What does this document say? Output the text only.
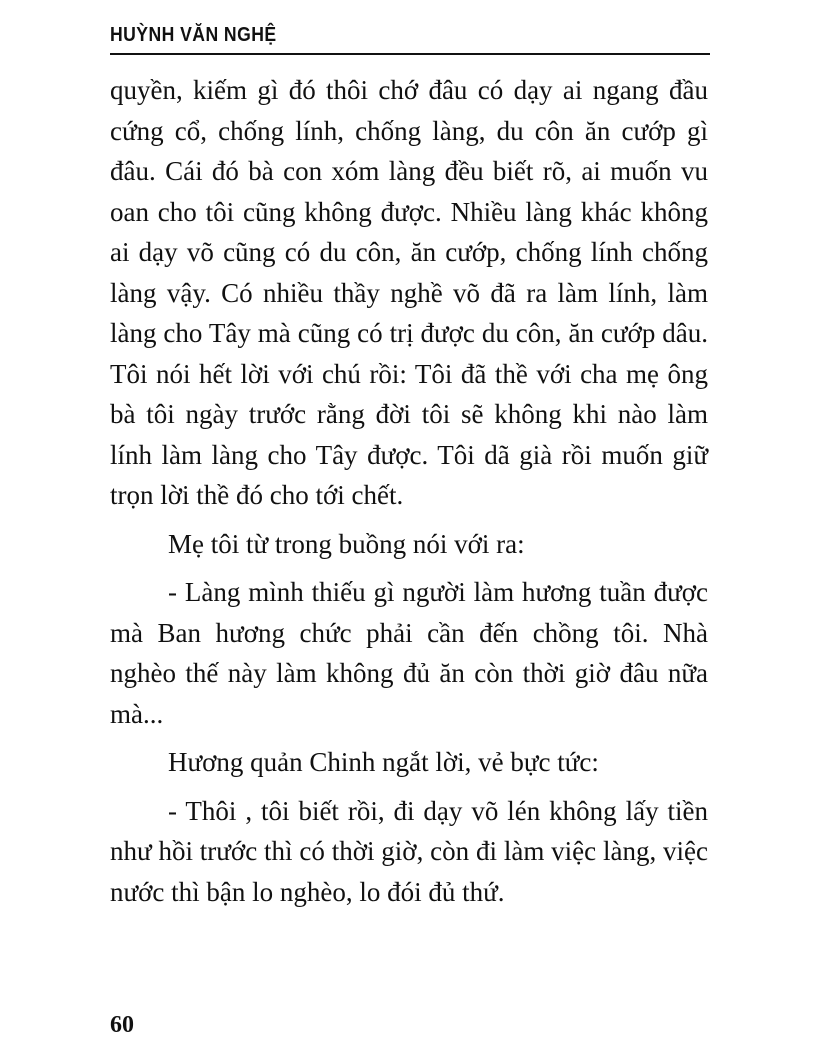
HUỲNH VĂN NGHỆ

quyền, kiếm gì đó thôi chớ đâu có dạy ai ngang đầu cứng cổ, chống lính, chống làng, du côn ăn cướp gì đâu. Cái đó bà con xóm làng đều biết rõ, ai muốn vu oan cho tôi cũng không được. Nhiều làng khác không ai dạy võ cũng có du côn, ăn cướp, chống lính chống làng vậy. Có nhiều thầy nghề võ đã ra làm lính, làm làng cho Tây mà cũng có trị được du côn, ăn cướp dâu. Tôi nói hết lời với chú rồi: Tôi đã thề với cha mẹ ông bà tôi ngày trước rằng đời tôi sẽ không khi nào làm lính làm làng cho Tây được. Tôi dã già rồi muốn giữ trọn lời thề đó cho tới chết.

Mẹ tôi từ trong buồng nói với ra:

- Làng mình thiếu gì người làm hương tuần được mà Ban hương chức phải cần đến chồng tôi. Nhà nghèo thế này làm không đủ ăn còn thời giờ đâu nữa mà...

Hương quản Chinh ngắt lời, vẻ bực tức:

- Thôi , tôi biết rồi, đi dạy võ lén không lấy tiền như hồi trước thì có thời giờ, còn đi làm việc làng, việc nước thì bận lo nghèo, lo đói đủ thứ.

60
